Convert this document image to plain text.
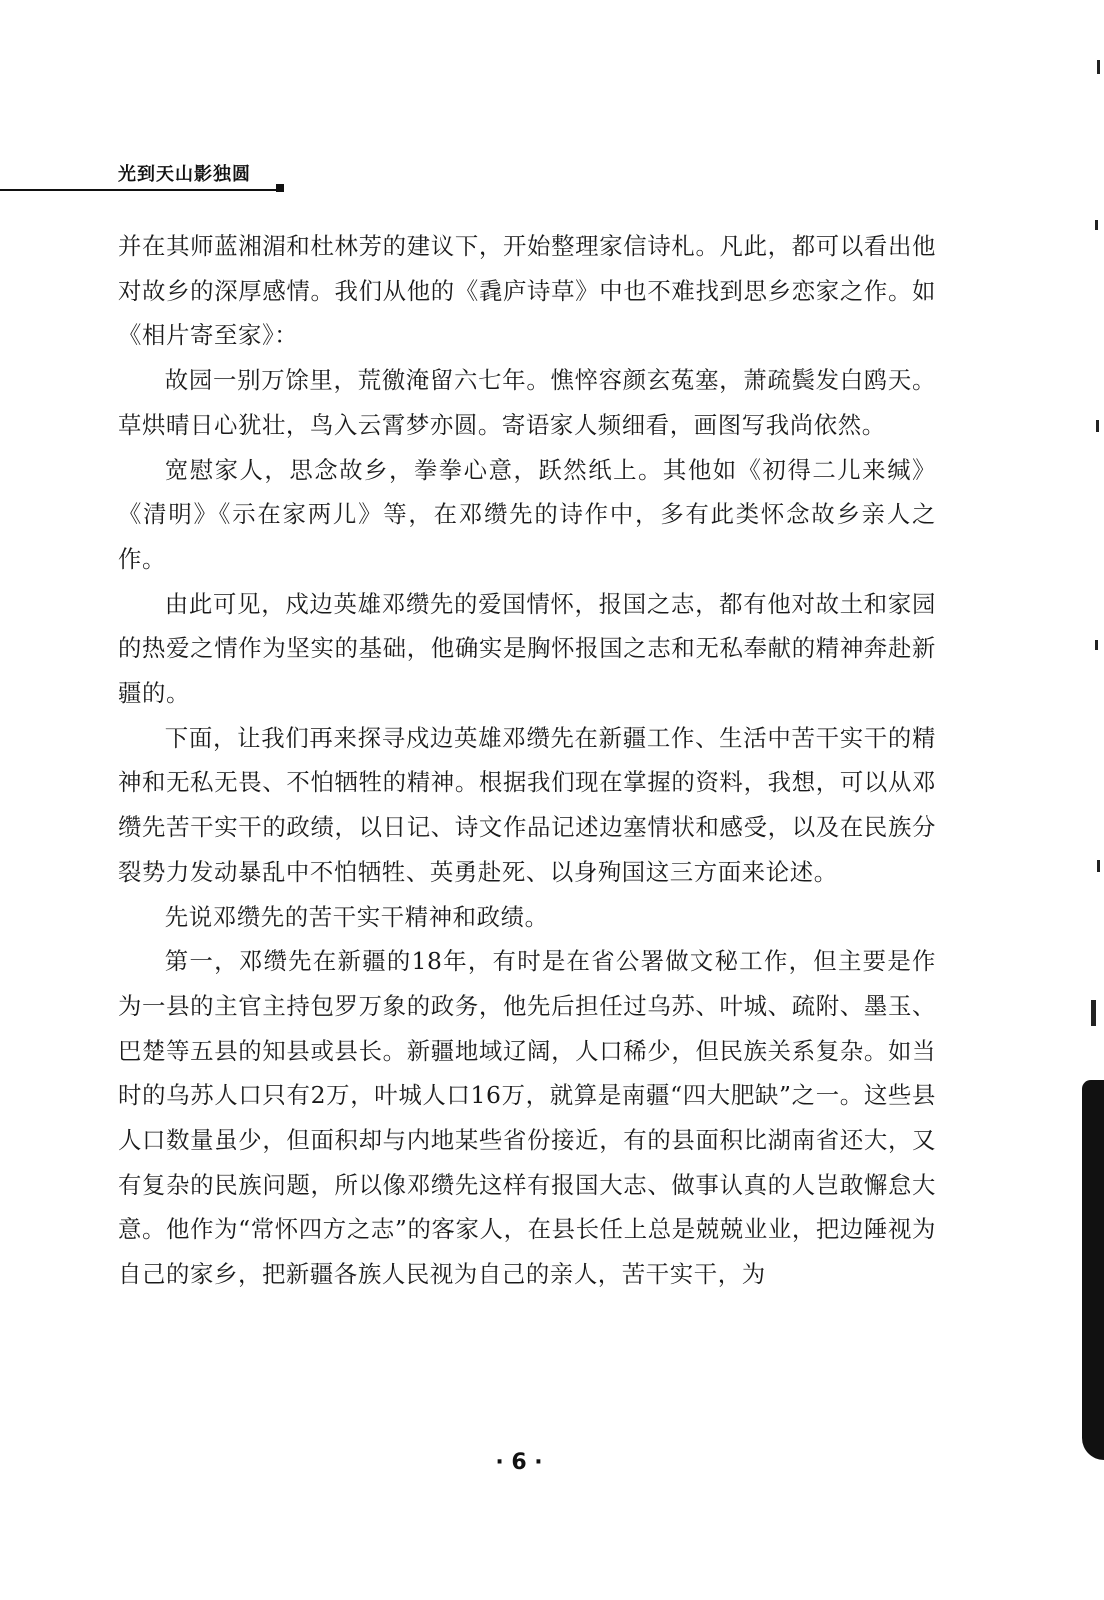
光到天山影独圆

并在其师蓝湘湄和杜林芳的建议下，开始整理家信诗札。凡此，都可以看出他对故乡的深厚感情。我们从他的《毳庐诗草》中也不难找到思乡恋家之作。如《相片寄至家》：

故园一别万馀里，荒徼淹留六七年。憔悴容颜玄菟塞，萧疏鬓发白鸥天。草烘晴日心犹壮，鸟入云霄梦亦圆。寄语家人频细看，画图写我尚依然。

宽慰家人，思念故乡，拳拳心意，跃然纸上。其他如《初得二儿来缄》《清明》《示在家两儿》等，在邓缵先的诗作中，多有此类怀念故乡亲人之作。

由此可见，戍边英雄邓缵先的爱国情怀，报国之志，都有他对故土和家园的热爱之情作为坚实的基础，他确实是胸怀报国之志和无私奉献的精神奔赴新疆的。

下面，让我们再来探寻戍边英雄邓缵先在新疆工作、生活中苦干实干的精神和无私无畏、不怕牺牲的精神。根据我们现在掌握的资料，我想，可以从邓缵先苦干实干的政绩，以日记、诗文作品记述边塞情状和感受，以及在民族分裂势力发动暴乱中不怕牺牲、英勇赴死、以身殉国这三方面来论述。

先说邓缵先的苦干实干精神和政绩。

第一，邓缵先在新疆的18年，有时是在省公署做文秘工作，但主要是作为一县的主官主持包罗万象的政务，他先后担任过乌苏、叶城、疏附、墨玉、巴楚等五县的知县或县长。新疆地域辽阔，人口稀少，但民族关系复杂。如当时的乌苏人口只有2万，叶城人口16万，就算是南疆“四大肥缺”之一。这些县人口数量虽少，但面积却与内地某些省份接近，有的县面积比湖南省还大，又有复杂的民族问题，所以像邓缵先这样有报国大志、做事认真的人岂敢懈怠大意。他作为“常怀四方之志”的客家人，在县长任上总是兢兢业业，把边陲视为自己的家乡，把新疆各族人民视为自己的亲人，苦干实干，为

· 6 ·
